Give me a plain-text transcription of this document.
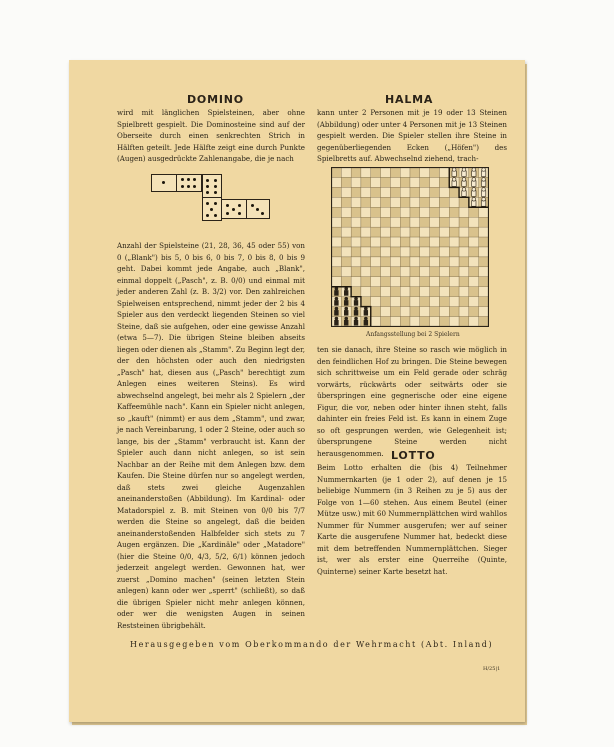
DOMINO

wird mit länglichen Spielsteinen, aber ohne Spielbrett gespielt. Die Dominosteine sind auf der Oberseite durch einen senkrechten Strich in Hälften geteilt. Jede Hälfte zeigt eine durch Punkte (Augen) ausgedrückte Zahlenangabe, die je nach

Anzahl der Spielsteine (21, 28, 36, 45 oder 55) von 0 („Blank") bis 5, 0 bis 6, 0 bis 7, 0 bis 8, 0 bis 9 geht. Dabei kommt jede Angabe, auch „Blank", einmal doppelt („Pasch", z. B. 0/0) und einmal mit jeder anderen Zahl (z. B. 3/2) vor. Den zahlreichen Spielweisen entsprechend, nimmt jeder der 2 bis 4 Spieler aus den verdeckt liegenden Steinen so viel Steine, daß sie aufgehen, oder eine gewisse Anzahl (etwa 5—7). Die übrigen Steine bleiben abseits liegen oder dienen als „Stamm". Zu Beginn legt der, der den höchsten oder auch den niedrigsten „Pasch" hat, diesen aus („Pasch" berechtigt zum Anlegen eines weiteren Steins). Es wird abwechselnd angelegt, bei mehr als 2 Spielern „der Kaffeemühle nach". Kann ein Spieler nicht anlegen, so „kauft" (nimmt) er aus dem „Stamm", und zwar, je nach Vereinbarung, 1 oder 2 Steine, oder auch so lange, bis der „Stamm" verbraucht ist. Kann der Spieler auch dann nicht anlegen, so ist sein Nachbar an der Reihe mit dem Anlegen bzw. dem Kaufen. Die Steine dürfen nur so angelegt werden, daß stets zwei gleiche Augenzahlen aneinanderstoßen (Abbildung). Im Kardinal- oder Matadorspiel z. B. mit Steinen von 0/0 bis 7/7 werden die Steine so angelegt, daß die beiden aneinanderstoßenden Halbfelder sich stets zu 7 Augen ergänzen. Die „Kardinäle" oder „Matadore" (hier die Steine 0/0, 4/3, 5/2, 6/1) können jedoch jederzeit angelegt werden. Gewonnen hat, wer zuerst „Domino machen" (seinen letzten Stein anlegen) kann oder wer „sperrt" (schließt), so daß die übrigen Spieler nicht mehr anlegen können, oder wer die wenigsten Augen in seinen Reststeinen übrigbehält.

HALMA

kann unter 2 Personen mit je 19 oder 13 Steinen (Abbildung) oder unter 4 Personen mit je 13 Steinen gespielt werden. Die Spieler stellen ihre Steine in gegenüberliegenden Ecken („Höfen") des Spielbretts auf. Abwechselnd ziehend, trach-

Anfangsstellung bei 2 Spielern

ten sie danach, ihre Steine so rasch wie möglich in den feindlichen Hof zu bringen. Die Steine bewegen sich schrittweise um ein Feld gerade oder schräg vorwärts, rückwärts oder seitwärts oder sie überspringen eine gegnerische oder eine eigene Figur, die vor, neben oder hinter ihnen steht, falls dahinter ein freies Feld ist. Es kann in einem Zuge so oft gesprungen werden, wie Gelegenheit ist; übersprungene Steine werden nicht herausgenommen. LOTTO

Beim Lotto erhalten die (bis 4) Teilnehmer Nummernkarten (je 1 oder 2), auf denen je 15 beliebige Nummern (in 3 Reihen zu je 5) aus der Folge von 1—60 stehen. Aus einem Beutel (einer Mütze usw.) mit 60 Nummernplättchen wird wahllos Nummer für Nummer ausgerufen; wer auf seiner Karte die ausgerufene Nummer hat, bedeckt diese mit dem betreffenden Nummernplättchen. Sieger ist, wer als erster eine Querreihe (Quinte, Quinterne) seiner Karte besetzt hat.

Herausgegeben vom Oberkommando der Wehrmacht (Abt. Inland)
H/25|1
